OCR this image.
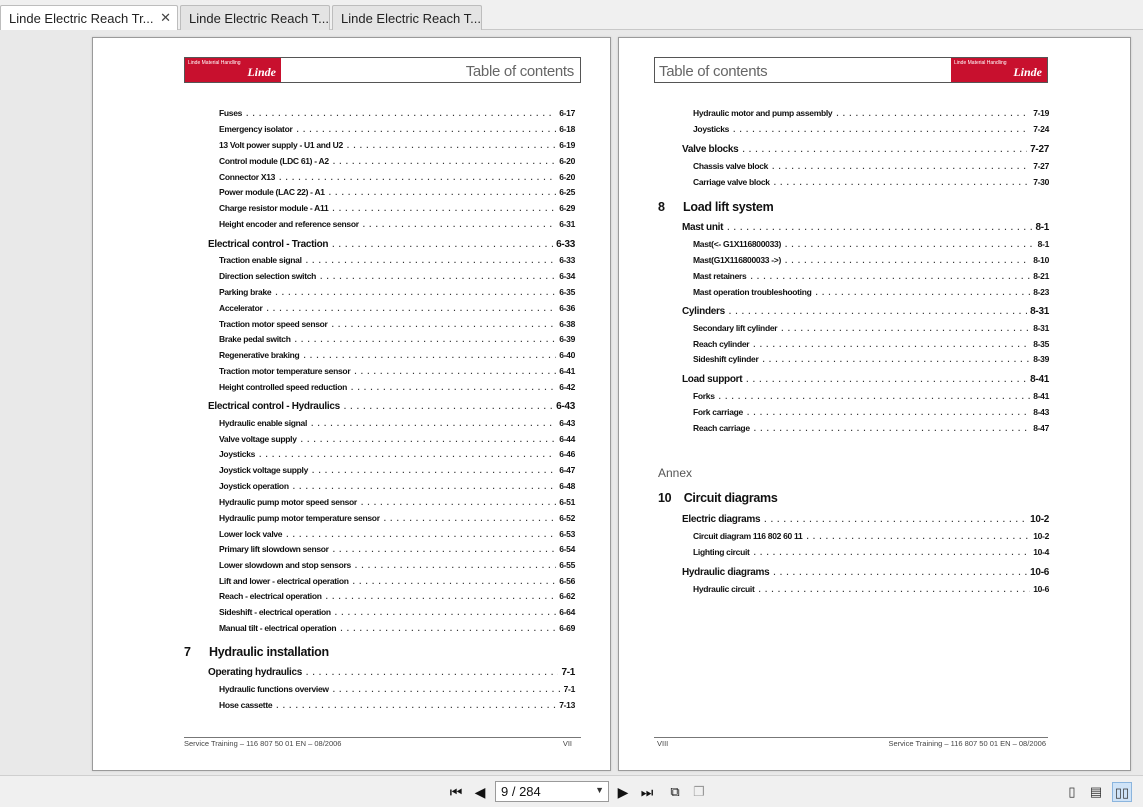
Linde Electric Reach Tr... ✕	Linde Electric Reach T... Linde Electric Reach T...
Linde Material Handling
Linde	Table of contents
Fuses . . .	6-17
Emergency isolator . . .	6-18
13 Volt power supply - U1 and U2 . . .	6-19
Control module (LDC 61) - A2 . . .	6-20
Connector X13 . . .	6-20
Power module (LAC 22) - A1 . . .	6-25
Charge resistor module - A11 . . .	6-29
Height encoder and reference sensor . . .	6-31
Electrical control - Traction . . .	6-33
Traction enable signal . . .	6-33
Direction selection switch . . .	6-34
Parking brake . . .	6-35
Accelerator . . .	6-36
Traction motor speed sensor . . .	6-38
Brake pedal switch . . .	6-39
Regenerative braking . . .	6-40
Traction motor temperature sensor . . .	6-41
Height controlled speed reduction . . .	6-42
Electrical control - Hydraulics . . .	6-43
Hydraulic enable signal . . .	6-43
Valve voltage supply . . .	6-44
Joysticks . . .	6-46
Joystick voltage supply . . .	6-47
Joystick operation . . .	6-48
Hydraulic pump motor speed sensor . . .	6-51
Hydraulic pump motor temperature sensor . . .	6-52
Lower lock valve . . .	6-53
Primary lift slowdown sensor . . .	6-54
Lower slowdown and stop sensors . . .	6-55
Lift and lower - electrical operation . . .	6-56
Reach - electrical operation . . .	6-62
Sideshift - electrical operation . . .	6-64
Manual tilt - electrical operation . . .	6-69
7 Hydraulic installation
Operating hydraulics . . .	7-1
Hydraulic functions overview . . .	7-1
Hose cassette . . .	7-13
Service Training – 116 807 50 01 EN – 08/2006	VII
Table of contents	Linde Material Handling
Linde
Hydraulic motor and pump assembly . . .	7-19
Joysticks . . .	7-24
Valve blocks . . .	7-27
Chassis valve block . . .	7-27
Carriage valve block . . .	7-30
8 Load lift system
Mast unit . . .	8-1
Mast(<- G1X116800033) . . .	8-1
Mast(G1X116800033 ->) . . .	8-10
Mast retainers . . .	8-21
Mast operation troubleshooting . . .	8-23
Cylinders . . .	8-31
Secondary lift cylinder . . .	8-31
Reach cylinder . . .	8-35
Sideshift cylinder . . .	8-39
Load support . . .	8-41
Forks . . .	8-41
Fork carriage . . .	8-43
Reach carriage . . .	8-47
Annex
10 Circuit diagrams
Electric diagrams . . .	10-2
Circuit diagram 116 802 60 11 . . .	10-2
Lighting circuit . . .	10-4
Hydraulic diagrams . . .	10-6
Hydraulic circuit . . .	10-6
VIII	Service Training – 116 807 50 01 EN – 08/2006
⏮ ◀	9 / 284	▼ ▶ ⏭	⧉	❐	▯	▤ ▯▯
